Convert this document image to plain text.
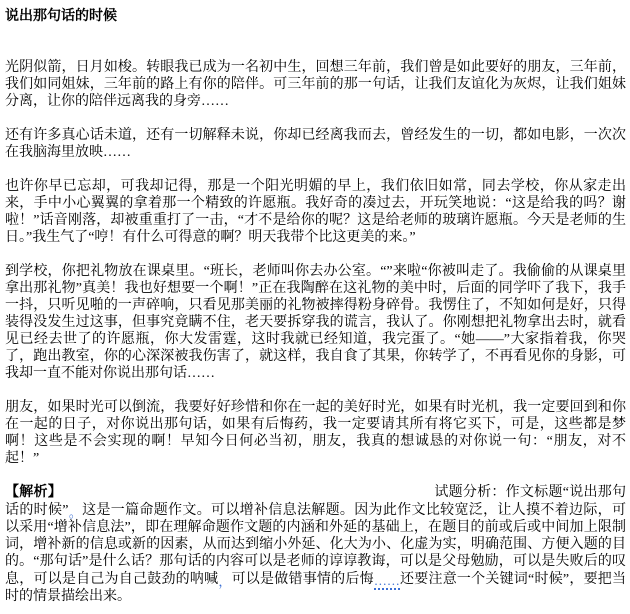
说出那句话的时候

光阴似箭，日月如梭。转眼我已成为一名初中生，回想三年前，我们曾是如此要好的朋友，三年前，我们如同姐妹，三年前的路上有你的陪伴。可三年前的那一句话，让我们友谊化为灰烬，让我们姐妹分离，让你的陪伴远离我的身旁……

还有许多真心话未道，还有一切解释未说，你却已经离我而去，曾经发生的一切，都如电影，一次次在我脑海里放映……

也许你早已忘却，可我却记得，那是一个阳光明媚的早上，我们依旧如常，同去学校，你从家走出来，手中小心翼翼的拿着那一个精致的许愿瓶。我好奇的凑过去，开玩笑地说：“这是给我的吗？谢啦！”话音刚落，却被重重打了一击，“才不是给你的呢？这是给老师的玻璃许愿瓶。今天是老师的生日。”我生气了“哼！有什么可得意的啊？明天我带个比这更美的来。”

到学校，你把礼物放在课桌里。“班长，老师叫你去办公室。“”来啦“你被叫走了。我偷偷的从课桌里拿出那礼物”真美！我也好想要一个啊！”正在我陶醉在这礼物的美中时，后面的同学吓了我下，我手一抖，只听见啪的一声碎响，只看见那美丽的礼物被摔得粉身碎骨。我愣住了，不知如何是好，只得装得没发生过这事，但事究竟瞒不住，老天要拆穿我的谎言，我认了。你刚想把礼物拿出去时，就看见已经去世了的许愿瓶，你大发雷霆，这时我就已经知道，我完蛋了。“她——”大家指着我，你哭了，跑出教室，你的心深深被我伤害了，就这样，我自食了其果，你转学了，不再看见你的身影，可我却一直不能对你说出那句话……

朋友，如果时光可以倒流，我要好好珍惜和你在一起的美好时光，如果有时光机，我一定要回到和你在一起的日子，对你说出那句话，如果有后悔药，我一定要请其所有将它买下，可是，这些都是梦啊！这些是不会实现的啊！早知今日何必当初，朋友，我真的想诚恳的对你说一句：“朋友，对不起！”

【解析】	试题分析：作文标题“说出那句话的时候”。这是一篇命题作文。可以增补信息法解题。因为此作文比较宽泛，让人摸不着边际，可以采用“增补信息法”，即在理解命题作文题的内涵和外延的基础上，在题目的前或后或中间加上限制词，增补新的信息或新的因素，从而达到缩小外延、化大为小、化虚为实，明确范围、方便入题的目的。“那句话”是什么话？那句话的内容可以是老师的谆谆教诲，可以是父母勉励，可以是失败后的叹息，可以是自己为自己鼓劲的呐喊，可以是做错事情的后悔……还要注意一个关键词“时候”，要把当时的情景描绘出来。
